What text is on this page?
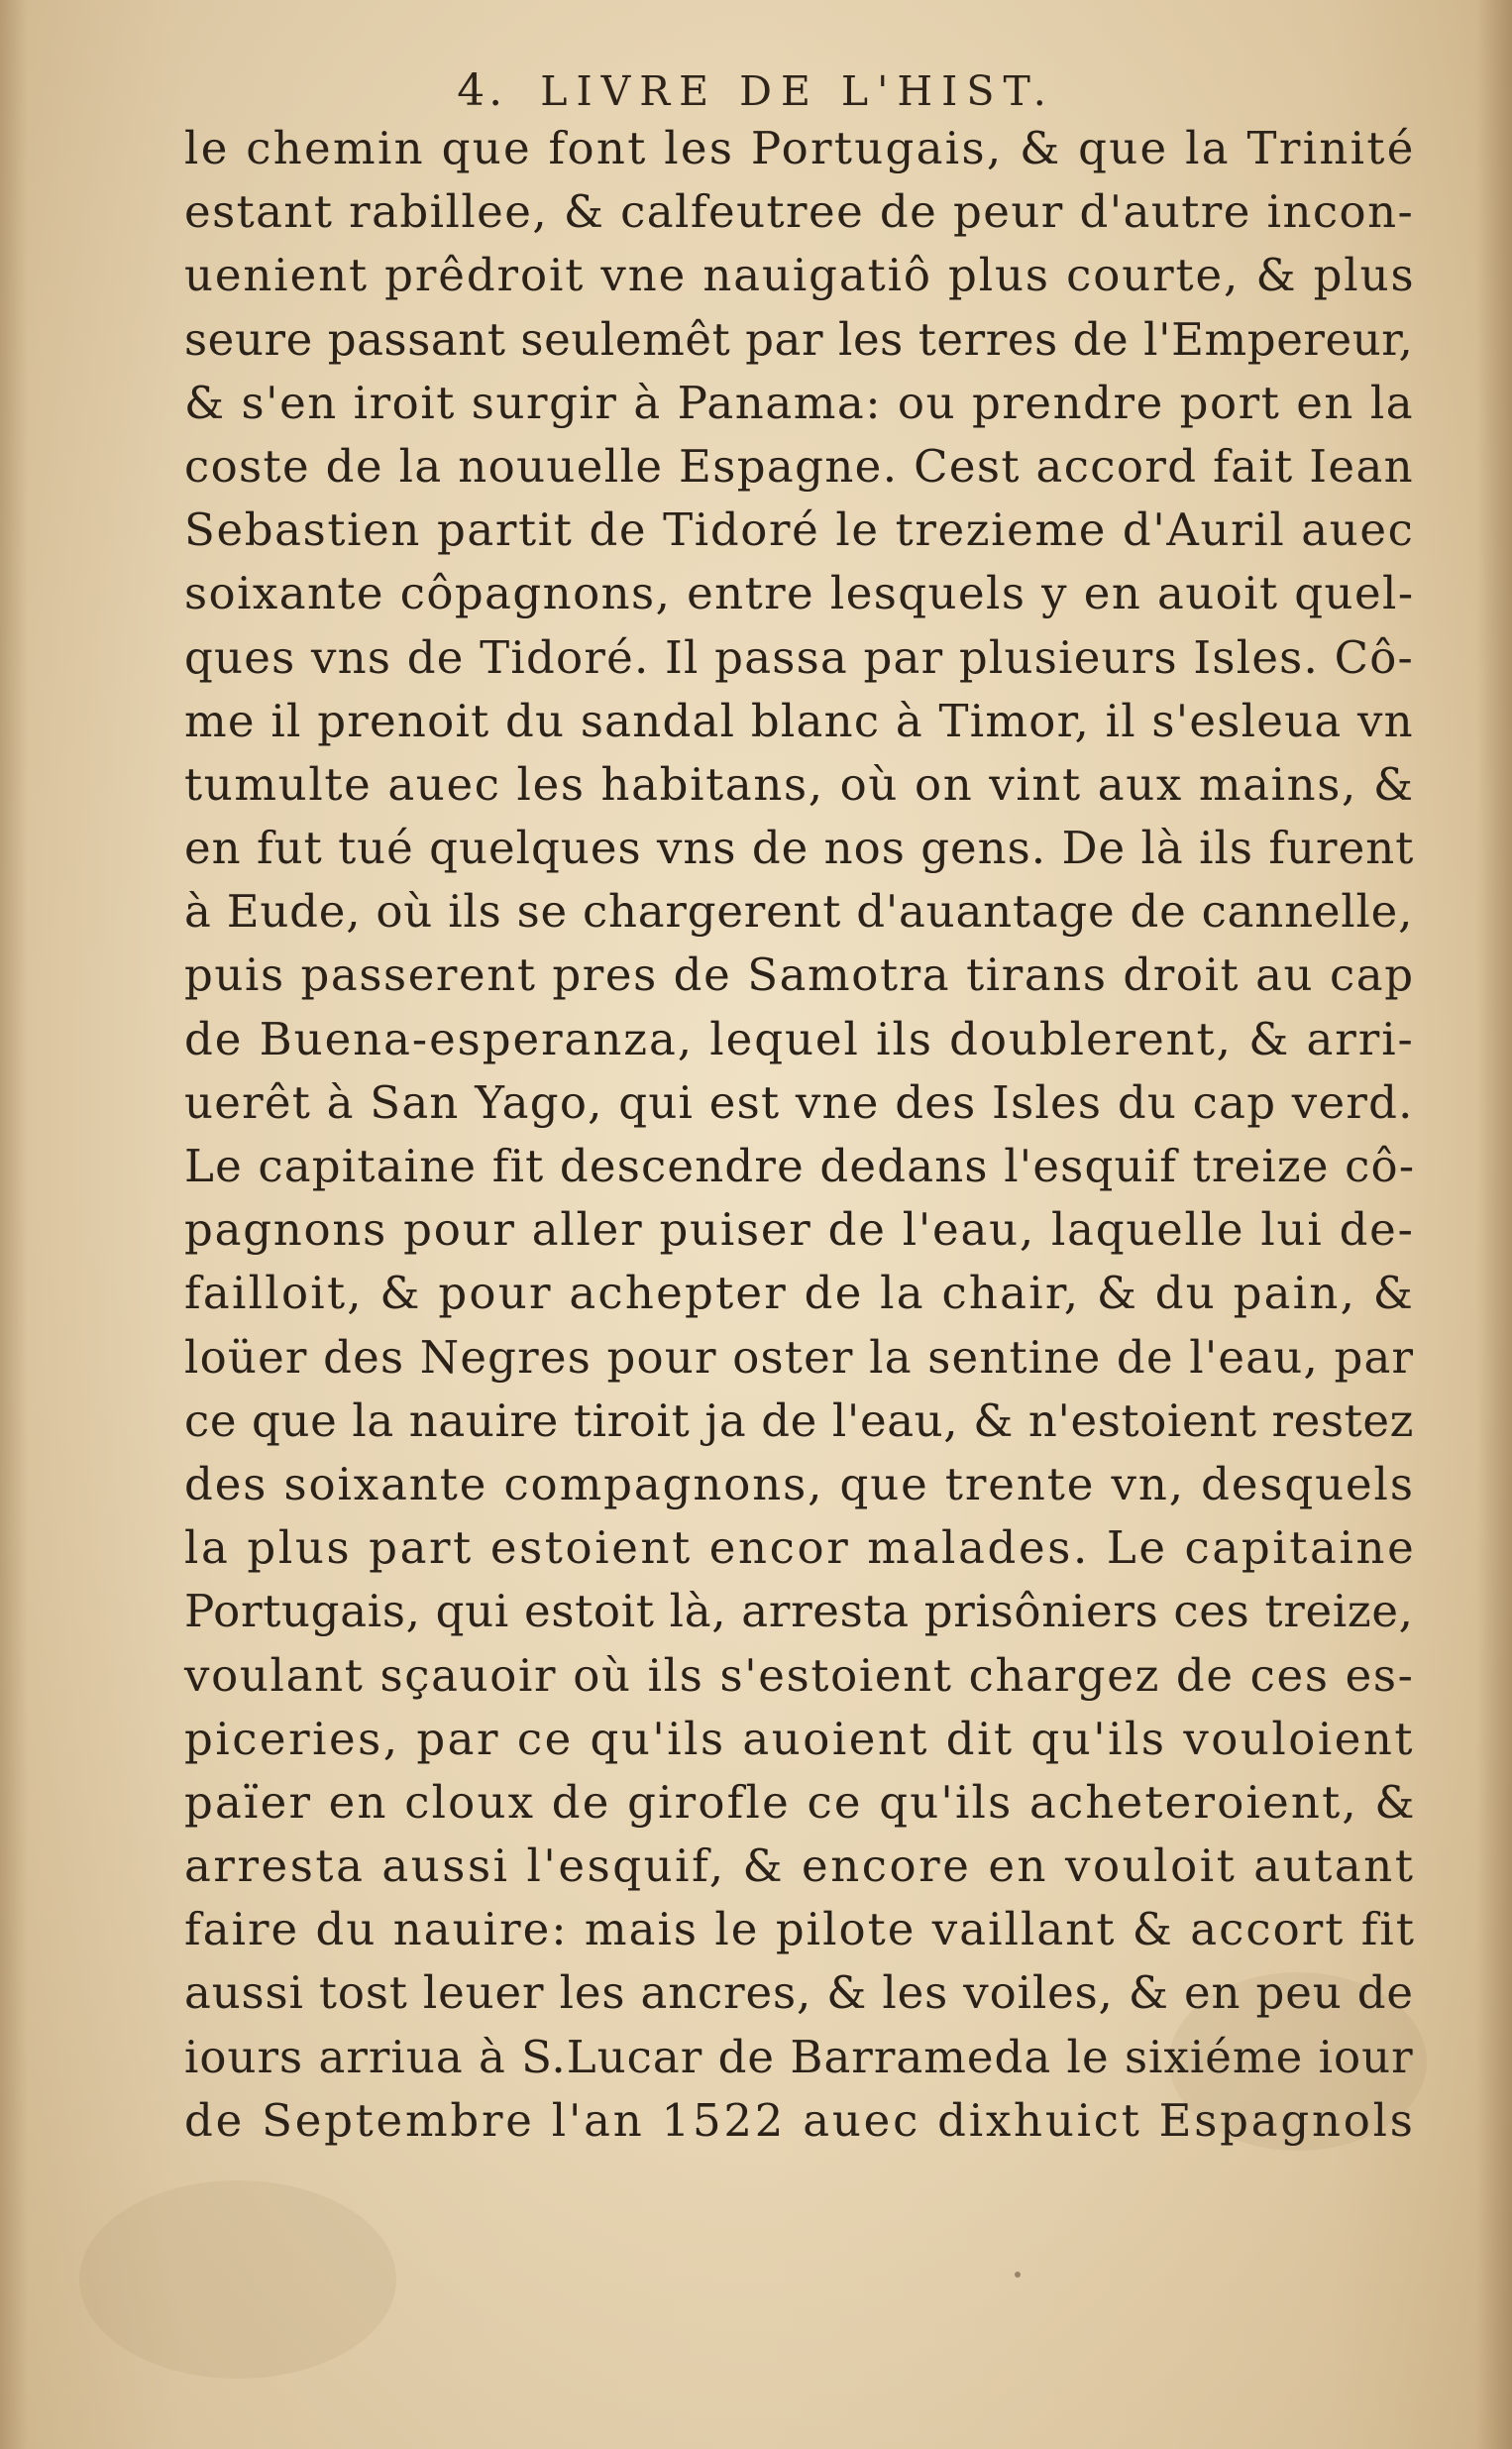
4. LIVRE DE L'HIST.
le chemin que font les Portugais, & que la Trinité
estant rabillee, & calfeutree de peur d'autre incon-
uenient prêdroit vne nauigatiô plus courte, & plus
seure passant seulemêt par les terres de l'Empereur,
& s'en iroit surgir à Panama: ou prendre port en la
coste de la nouuelle Espagne. Cest accord fait Iean
Sebastien partit de Tidoré le trezieme d'Auril auec
soixante côpagnons, entre lesquels y en auoit quel-
ques vns de Tidoré. Il passa par plusieurs Isles. Cô-
me il prenoit du sandal blanc à Timor, il s'esleua vn
tumulte auec les habitans, où on vint aux mains, &
en fut tué quelques vns de nos gens. De là ils furent
à Eude, où ils se chargerent d'auantage de cannelle,
puis passerent pres de Samotra tirans droit au cap
de Buena-esperanza, lequel ils doublerent, & arri-
uerêt à San Yago, qui est vne des Isles du cap verd.
Le capitaine fit descendre dedans l'esquif treize cô-
pagnons pour aller puiser de l'eau, laquelle lui de-
failloit, & pour achepter de la chair, & du pain, &
loüer des Negres pour oster la sentine de l'eau, par
ce que la nauire tiroit ja de l'eau, & n'estoient restez
des soixante compagnons, que trente vn, desquels
la plus part estoient encor malades. Le capitaine
Portugais, qui estoit là, arresta prisôniers ces treize,
voulant sçauoir où ils s'estoient chargez de ces es-
piceries, par ce qu'ils auoient dit qu'ils vouloient
païer en cloux de girofle ce qu'ils acheteroient, &
arresta aussi l'esquif, & encore en vouloit autant
faire du nauire: mais le pilote vaillant & accort fit
aussi tost leuer les ancres, & les voiles, & en peu de
iours arriua à S.Lucar de Barrameda le sixiéme iour
de Septembre l'an 1522 auec dixhuict Espagnols
